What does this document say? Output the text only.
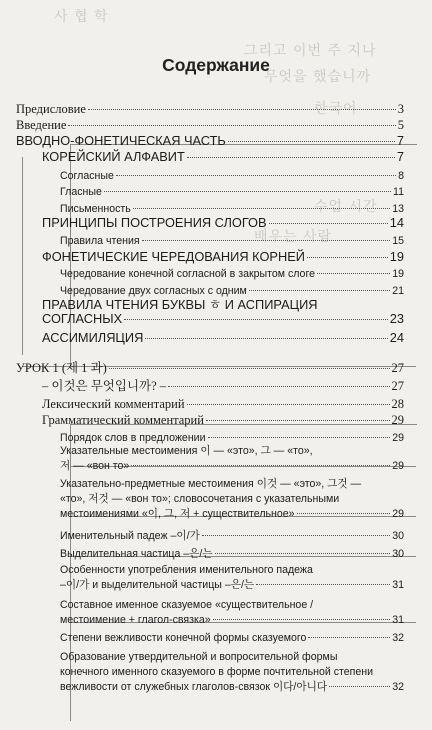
사 협 학
그리고 이번 주 지나
무엇을 했습니까
한국어
수업 시간
배우는 사람
Содержание
Предисловие	3
Введение	5
ВВОДНО-ФОНЕТИЧЕСКАЯ ЧАСТЬ	7
КОРЕЙСКИЙ АЛФАВИТ	7
Согласные	8
Гласные	11
Письменность	13
ПРИНЦИПЫ ПОСТРОЕНИЯ СЛОГОВ	14
Правила чтения	15
ФОНЕТИЧЕСКИЕ ЧЕРЕДОВАНИЯ КОРНЕЙ	19
Чередование конечной согласной в закрытом слоге	19
Чередование двух согласных с одним	21
ПРАВИЛА ЧТЕНИЯ БУКВЫ ㅎ И АСПИРАЦИЯ
СОГЛАСНЫХ	23
АССИМИЛЯЦИЯ	24
УРОК 1 (제 1 과)	27
– 이것은 무엇입니까? –	27
Лексический комментарий	28
Грамматический комментарий	29
Порядок слов в предложении	29
Указательные местоимения 이 — «это», 그 — «то»,
저 — «вон то»	29
Указательно-предметные местоимения 이것 — «это», 그것 —
«то», 저것 — «вон то»; словосочетания с указательными
местоимениями «이, 그, 저 + существительное»	29
Именительный падеж –이/가	30
Выделительная частица –은/는	30
Особенности употребления именительного падежа
–이/가 и выделительной частицы –은/는	31
Составное именное сказуемое «существительное /
местоимение + глагол-связка»	31
Степени вежливости конечной формы сказуемого	32
Образование утвердительной и вопросительной формы
конечного именного сказуемого в форме почтительной степени
вежливости от служебных глаголов-связок 이다/아니다	32
